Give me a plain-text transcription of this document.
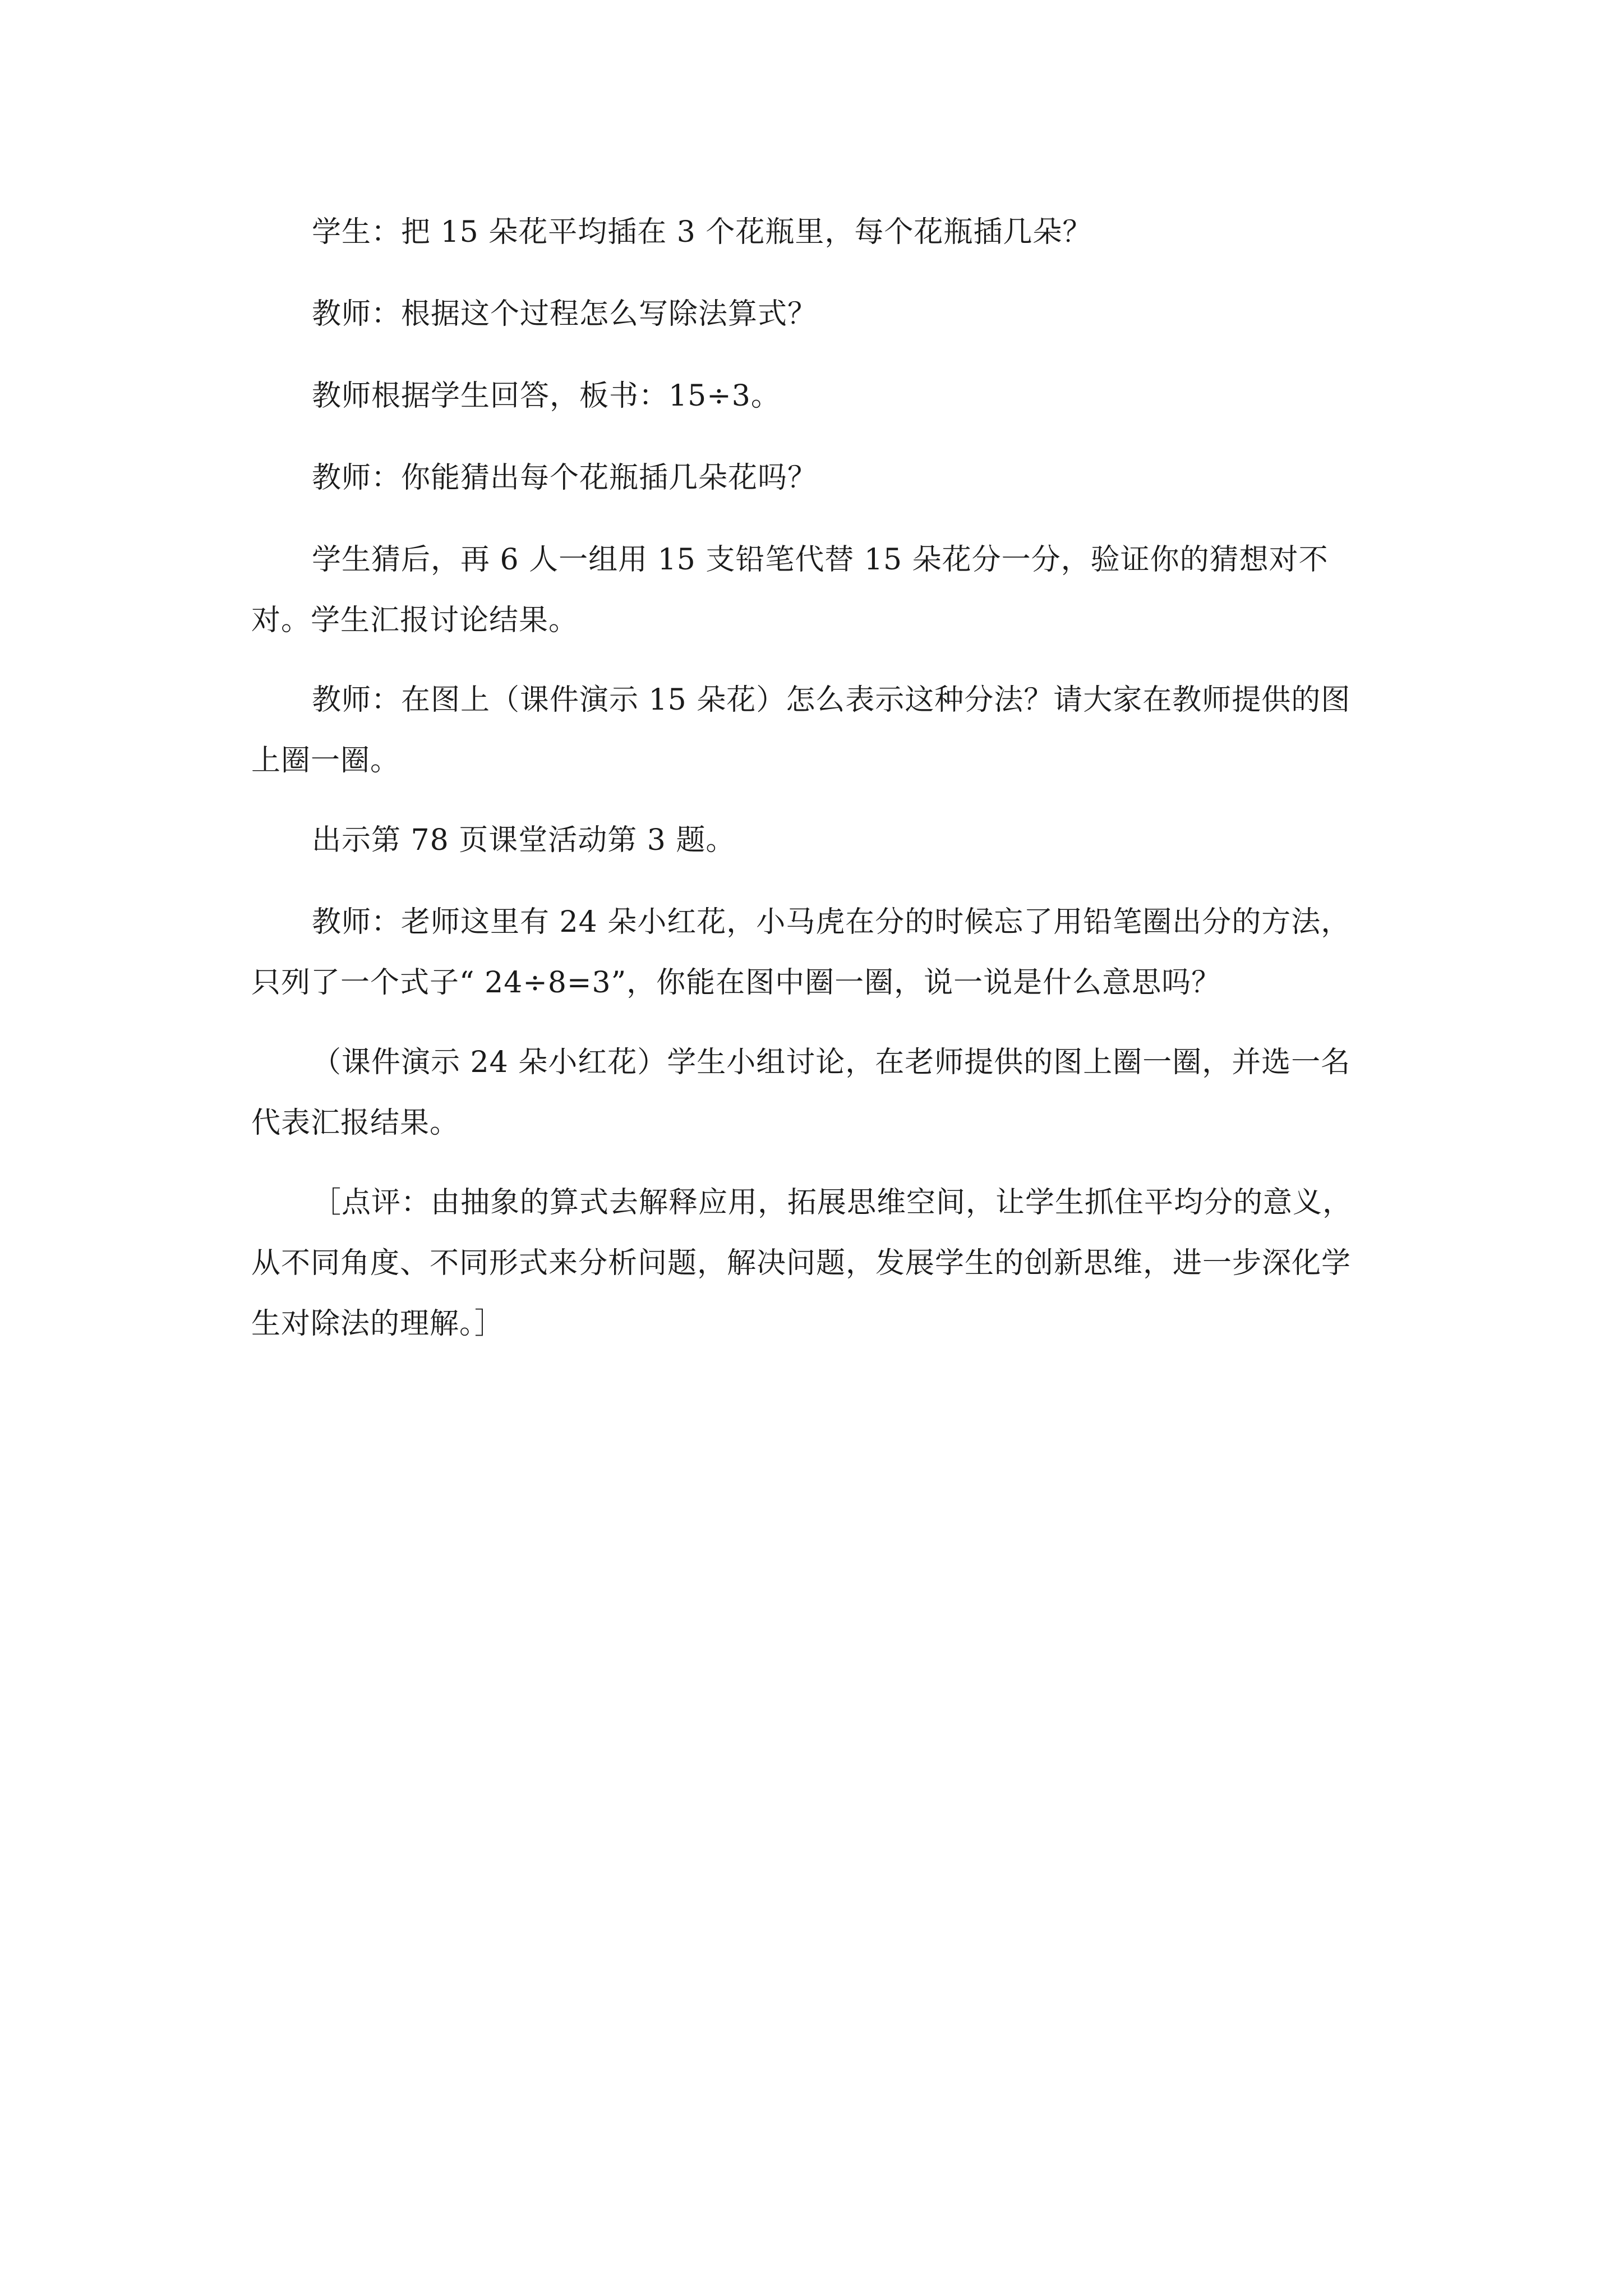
学生：把 15 朵花平均插在 3 个花瓶里，每个花瓶插几朵？

教师：根据这个过程怎么写除法算式？

教师根据学生回答，板书：15÷3。

教师：你能猜出每个花瓶插几朵花吗？

学生猜后，再 6 人一组用 15 支铅笔代替 15 朵花分一分，验证你的猜想对不对。学生汇报讨论结果。

教师：在图上（课件演示 15 朵花）怎么表示这种分法？请大家在教师提供的图上圈一圈。

出示第 78 页课堂活动第 3 题。

教师：老师这里有 24 朵小红花，小马虎在分的时候忘了用铅笔圈出分的方法，只列了一个式子“ 24÷8=3”，你能在图中圈一圈，说一说是什么意思吗？

（课件演示 24 朵小红花）学生小组讨论，在老师提供的图上圈一圈，并选一名代表汇报结果。

［点评：由抽象的算式去解释应用，拓展思维空间，让学生抓住平均分的意义，从不同角度、不同形式来分析问题，解决问题，发展学生的创新思维，进一步深化学生对除法的理解。］
